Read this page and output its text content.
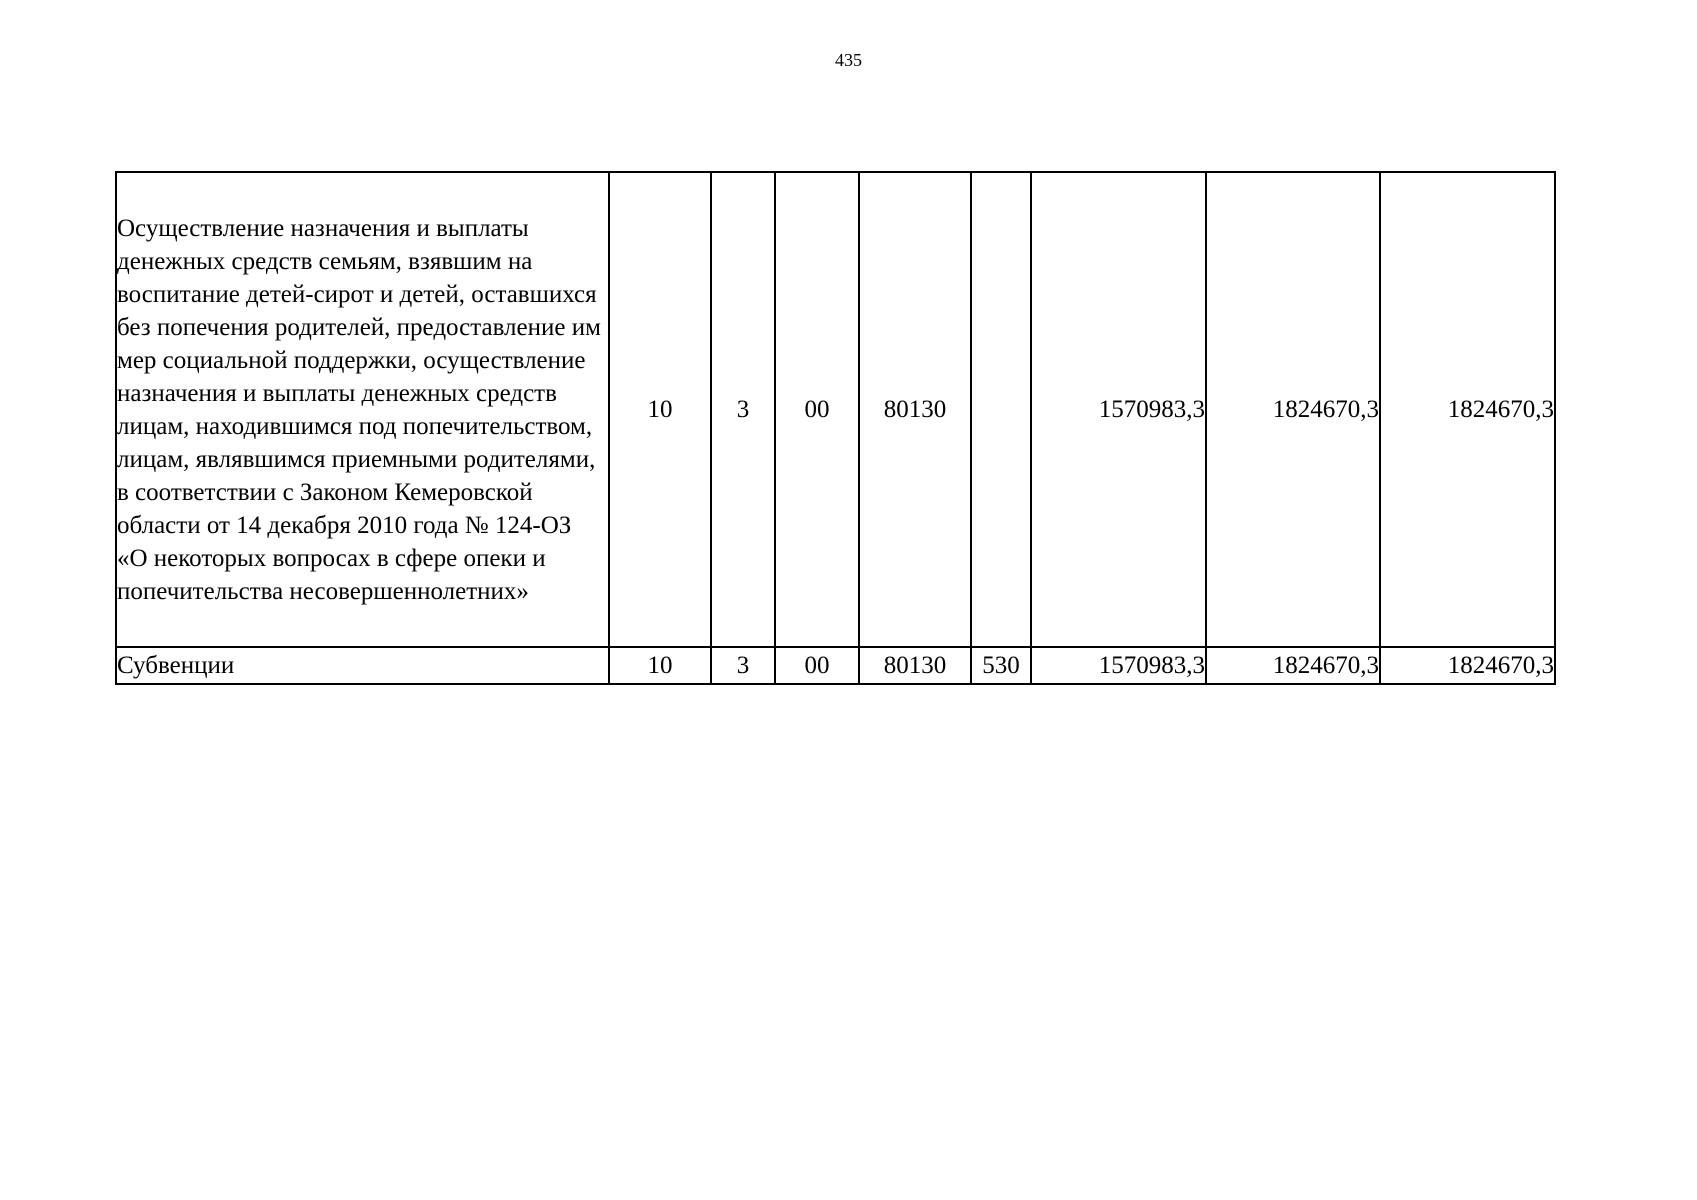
435
Осуществление назначения и выплаты денежных средств семьям, взявшим на воспитание детей-сирот и детей, оставшихся без попечения родителей, предоставление им мер социальной поддержки, осуществление назначения и выплаты денежных средств лицам, находившимся под попечительством, лицам, являвшимся приемными родителями, в соответствии с Законом Кемеровской области от 14 декабря 2010 года № 124-ОЗ «О некоторых вопросах в сфере опеки и попечительства несовершеннолетних»	10	3	00	80130		1570983,3	1824670,3	1824670,3
Субвенции	10	3	00	80130	530	1570983,3	1824670,3	1824670,3
